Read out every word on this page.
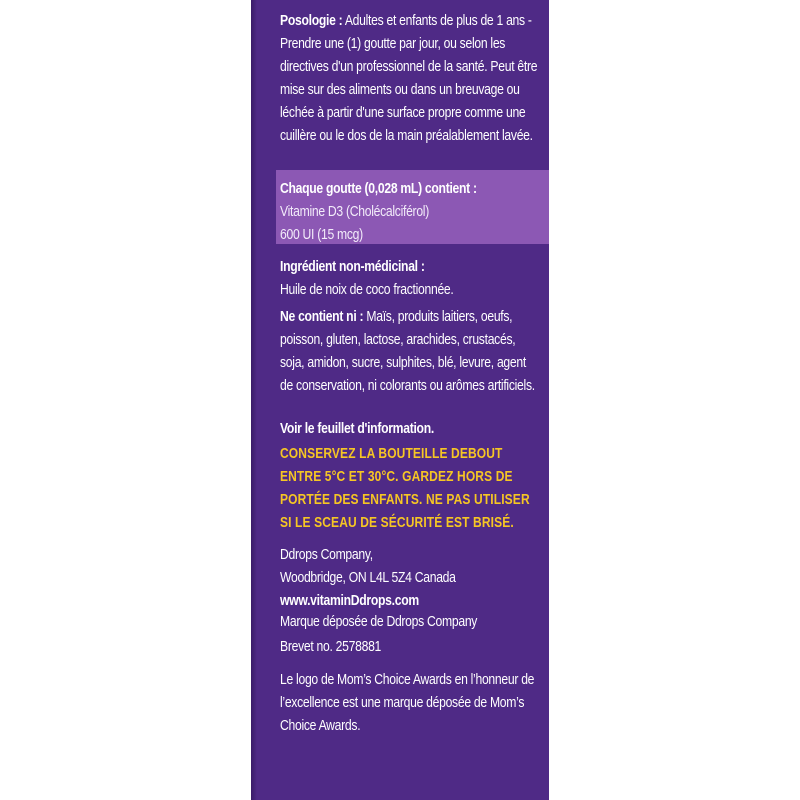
Posologie : Adultes et enfants de plus de 1 ans - Prendre une (1) goutte par jour, ou selon les directives d'un professionnel de la santé. Peut être mise sur des aliments ou dans un breuvage ou léchée à partir d'une surface propre comme une cuillère ou le dos de la main préalablement lavée.
Chaque goutte (0,028 mL) contient :
Vitamine D3 (Cholécalciférol)
600 UI (15 mcg)
Ingrédient non-médicinal :
Huile de noix de coco fractionnée.
Ne contient ni : Maïs, produits laitiers, oeufs, poisson, gluten, lactose, arachides, crustacés, soja, amidon, sucre, sulphites, blé, levure, agent de conservation, ni colorants ou arômes artificiels.
Voir le feuillet d'information.
CONSERVEZ LA BOUTEILLE DEBOUT ENTRE 5°C ET 30°C. GARDEZ HORS DE PORTÉE DES ENFANTS. NE PAS UTILISER SI LE SCEAU DE SÉCURITÉ EST BRISÉ.
Ddrops Company,
Woodbridge, ON L4L 5Z4 Canada
www.vitaminDdrops.com
Marque déposée de Ddrops Company
Brevet no. 2578881
Le logo de Mom’s Choice Awards en l’honneur de l’excellence est une marque déposée de Mom’s Choice Awards.
